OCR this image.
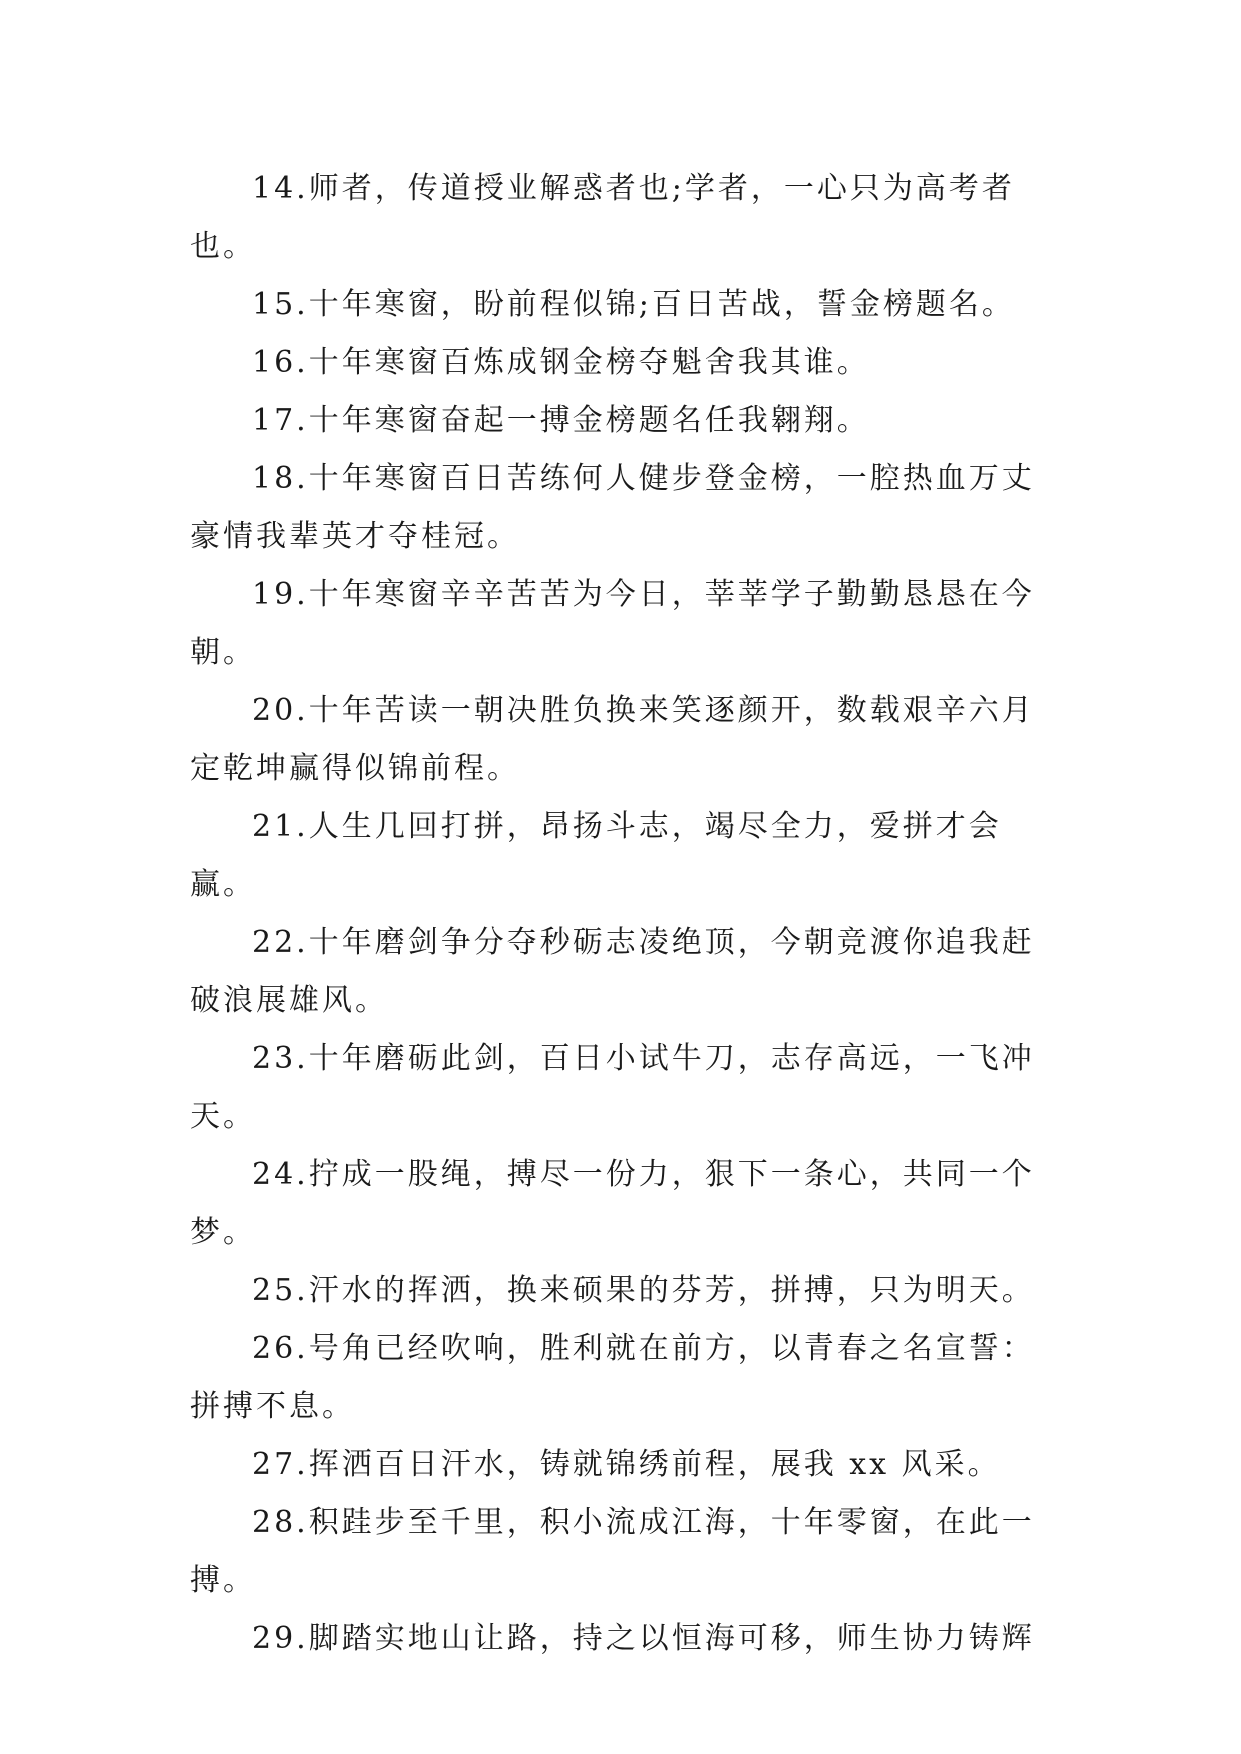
14.师者，传道授业解惑者也;学者，一心只为高考者也。

15.十年寒窗，盼前程似锦;百日苦战，誓金榜题名。

16.十年寒窗百炼成钢金榜夺魁舍我其谁。

17.十年寒窗奋起一搏金榜题名任我翱翔。

18.十年寒窗百日苦练何人健步登金榜，一腔热血万丈豪情我辈英才夺桂冠。

19.十年寒窗辛辛苦苦为今日，莘莘学子勤勤恳恳在今朝。

20.十年苦读一朝决胜负换来笑逐颜开，数载艰辛六月定乾坤赢得似锦前程。

21.人生几回打拼，昂扬斗志，竭尽全力，爱拼才会赢。

22.十年磨剑争分夺秒砺志凌绝顶，今朝竞渡你追我赶破浪展雄风。

23.十年磨砺此剑，百日小试牛刀，志存高远，一飞冲天。

24.拧成一股绳，搏尽一份力，狠下一条心，共同一个梦。

25.汗水的挥洒，换来硕果的芬芳，拼搏，只为明天。

26.号角已经吹响，胜利就在前方，以青春之名宣誓：拼搏不息。

27.挥洒百日汗水，铸就锦绣前程，展我 xx 风采。

28.积跬步至千里，积小流成江海，十年零窗，在此一搏。

29.脚踏实地山让路，持之以恒海可移，师生协力铸辉
